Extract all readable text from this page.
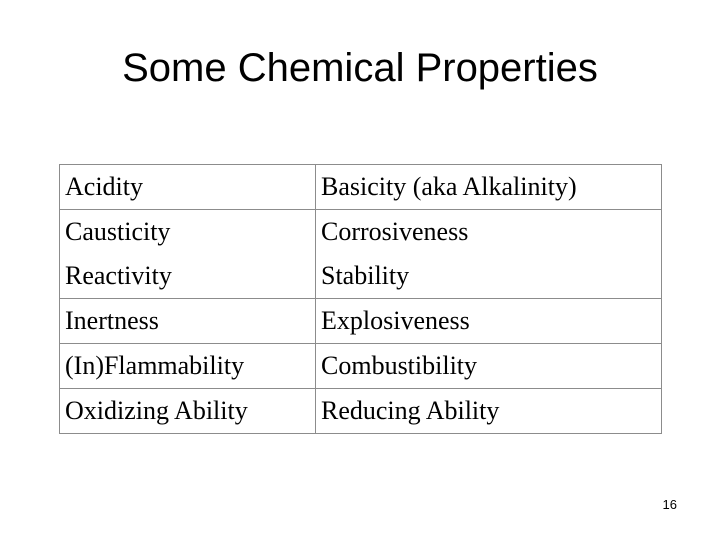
Some Chemical Properties
Acidity	Basicity (aka Alkalinity)
Causticity	Corrosiveness
Reactivity	Stability
Inertness	Explosiveness
(In)Flammability	Combustibility
Oxidizing Ability	Reducing Ability
16
